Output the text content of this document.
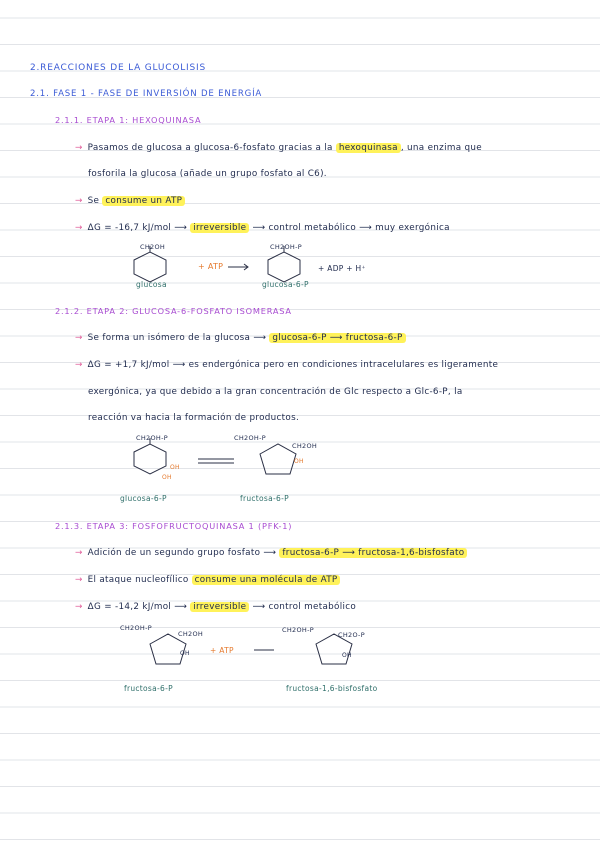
2.REACCIONES DE LA GLUCOLISIS
2.1. FASE 1 - FASE DE INVERSIÓN DE ENERGÍA
2.1.1. ETAPA 1: HEXOQUINASA
→ Pasamos de glucosa a glucosa-6-fosfato gracias a la hexoquinasa , una enzima que
fosforila la glucosa (añade un grupo fosfato al C6).
→ Se consume un ATP
→ ΔG = -16,7 kJ/mol ⟶ irreversible ⟶ control metabólico ⟶ muy exergónica
CH2OH
+ ATP
CH2OH-P
+ ADP + H⁺
glucosa	glucosa-6-P
2.1.2. ETAPA 2: GLUCOSA-6-FOSFATO ISOMERASA
→ Se forma un isómero de la glucosa ⟶ glucosa-6-P ⟶ fructosa-6-P
→ ΔG = +1,7 kJ/mol ⟶ es endergónica pero en condiciones intracelulares es ligeramente
exergónica, ya que debido a la gran concentración de Glc respecto a Glc-6-P, la
reacción va hacia la formación de productos.
CH2OH-P
OH
OH
CH2OH-P
CH2OH
OH
glucosa-6-P	fructosa-6-P
2.1.3. ETAPA 3: FOSFOFRUCTOQUINASA 1 (PFK-1)
→ Adición de un segundo grupo fosfato ⟶ fructosa-6-P ⟶ fructosa-1,6-bisfosfato
→ El ataque nucleofílico consume una molécula de ATP
→ ΔG = -14,2 kJ/mol ⟶ irreversible ⟶ control metabólico
CH2OH-P
CH2OH
OH	+ ATP
CH2OH-P
CH2O-P
OH
fructosa-6-P	fructosa-1,6-bisfosfato
